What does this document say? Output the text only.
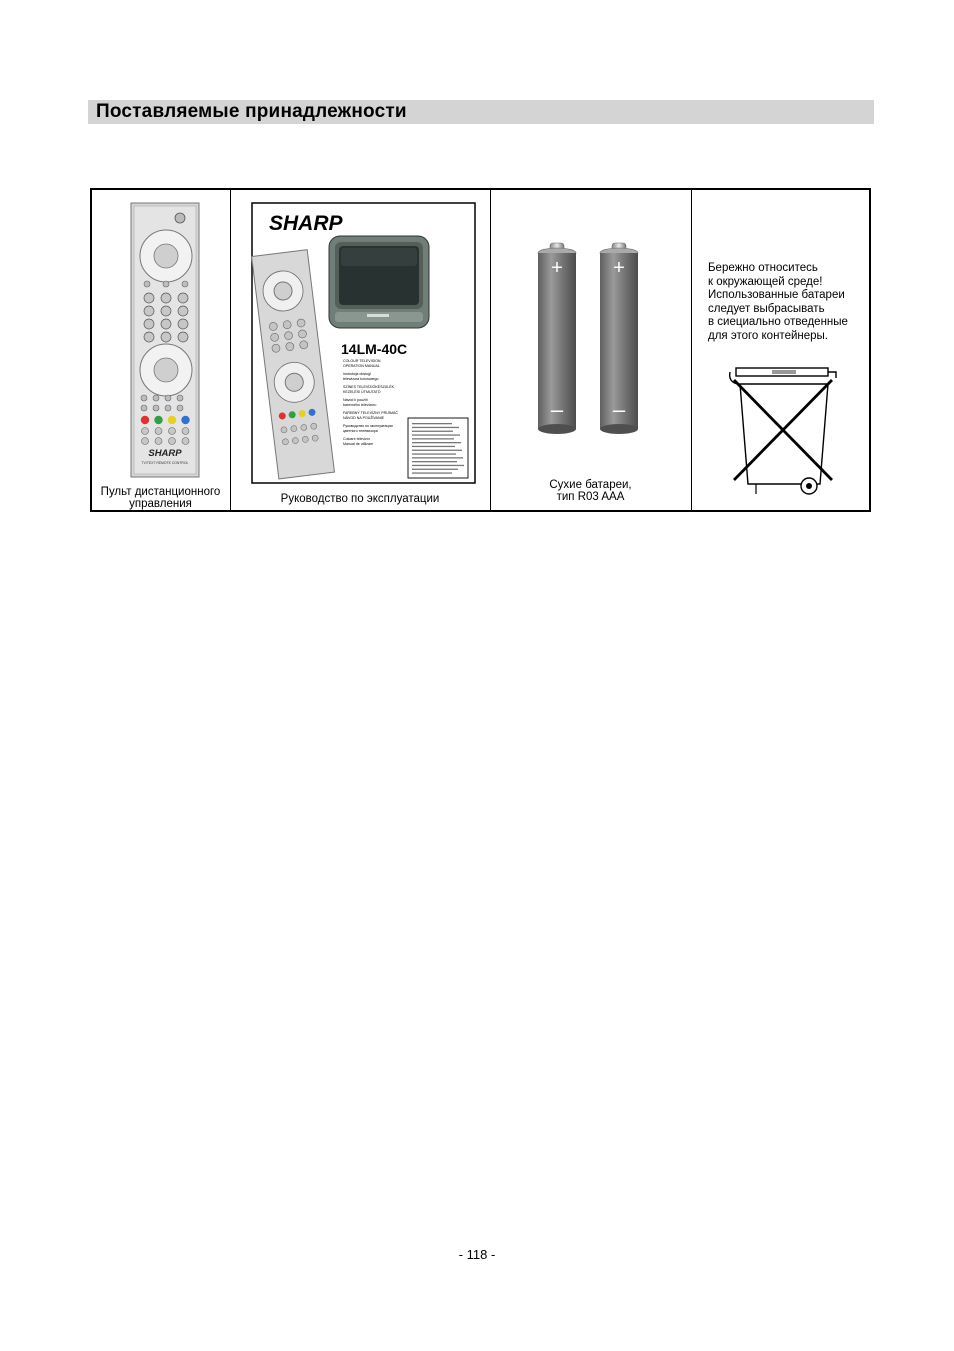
Поставляемые принадлежности
SHARP
TV/TEXT REMOTE CONTROL
Пульт дистанционного
управления
SHARP
14LM-40C
COLOUR TELEVISION
OPERATION MANUAL
Instrukcja obsługi
telewizora kolorowego
SZÍNES TELEVÍZIÓKÉSZÜLÉK
KEZELÉSI ÚTMUTATÓ
Návod k použití
barevného televizoru
FAREBNÝ TELEVÍZNY PRIJÍMAČ
NÁVOD NA POUŽÍVANIE
Руководство по эксплуатации
цветного телевизора
Culoare televizor
Manual de utilizare
Руководство по эксплуатации
+
–
+
–
Сухие батареи,
тип R03 AAA
Бережно относитесь
к окружающей среде!
Использованные батареи
следует выбрасывать
в сиециально отведенные
для этого контейнеры.
- 118 -
